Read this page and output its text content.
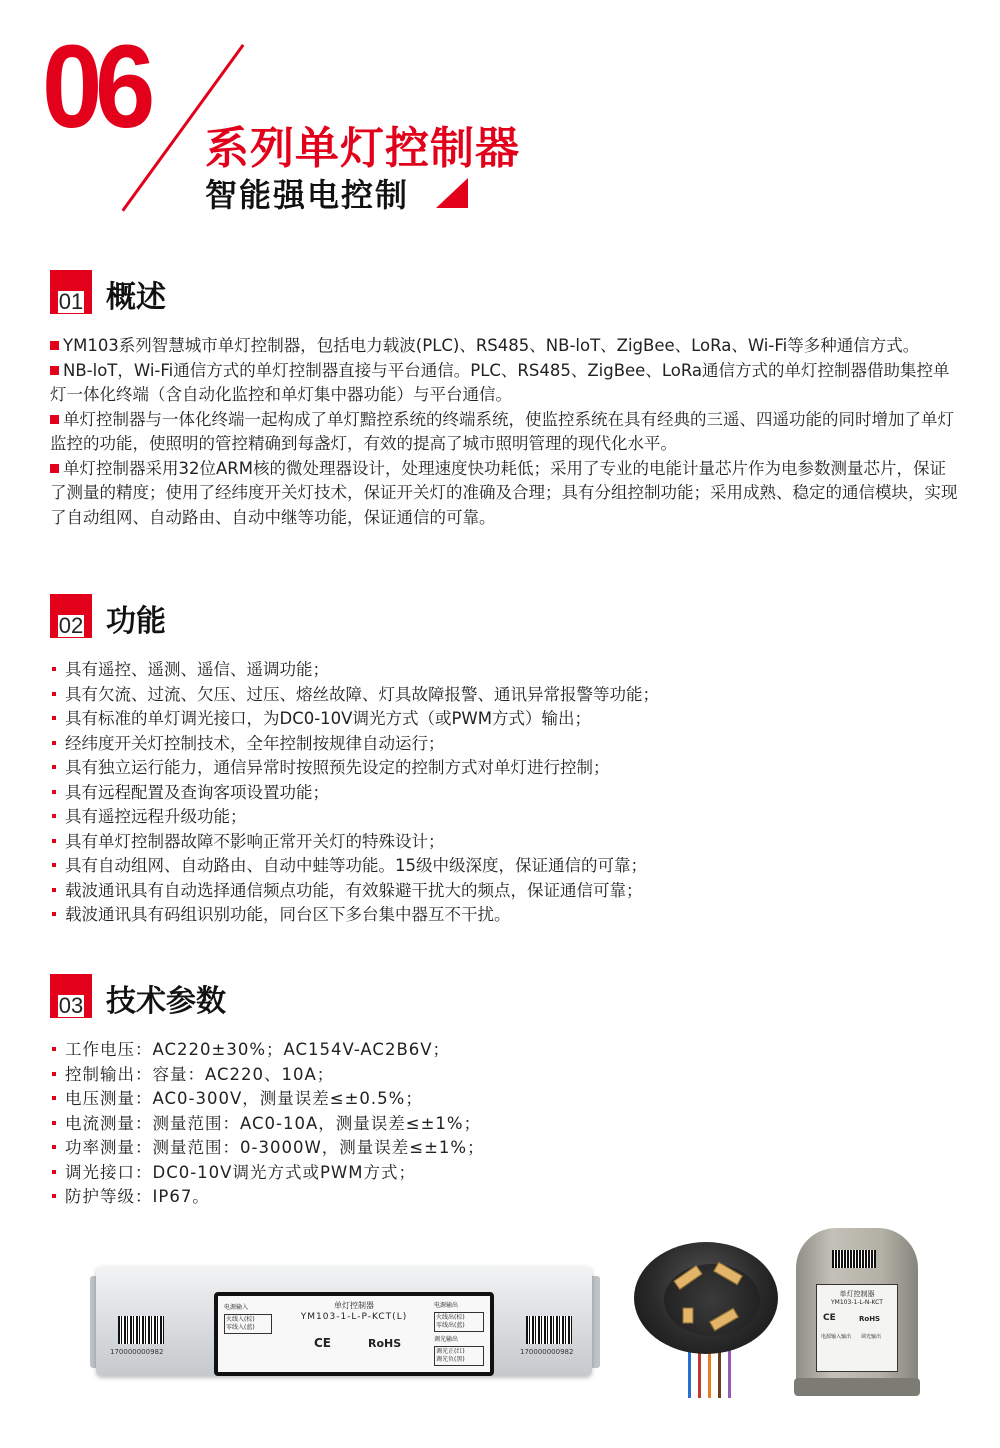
06 系列单灯控制器
智能强电控制
01 概述

YM103系列智慧城市单灯控制器，包括电力载波(PLC)、RS485、NB-loT、ZigBee、LoRa、Wi-Fi等多种通信方式。

NB-loT，Wi-Fi通信方式的单灯控制器直接与平台通信。PLC、RS485、ZigBee、LoRa通信方式的单灯控制器借助集控单灯一体化终端（含自动化监控和单灯集中器功能）与平台通信。

单灯控制器与一体化终端一起构成了单灯黯控系统的终端系统，使监控系统在具有经典的三遥、四遥功能的同时增加了单灯监控的功能，使照明的管控精确到每盏灯，有效的提高了城市照明管理的现代化水平。

单灯控制器采用32位ARM核的微处理器设计，处理速度快功耗低；采用了专业的电能计量芯片作为电参数测量芯片，保证了测量的精度；使用了经纬度开关灯技术，保证开关灯的准确及合理；具有分组控制功能；采用成熟、稳定的通信模块，实现了自动组网、自动路由、自动中继等功能，保证通信的可靠。

02 功能
具有遥控、遥测、遥信、遥调功能；
具有欠流、过流、欠压、过压、熔丝故障、灯具故障报警、通讯异常报警等功能；
具有标准的单灯调光接口，为DC0-10V调光方式（或PWM方式）输出；
经纬度开关灯控制技术，全年控制按规律自动运行；
具有独立运行能力，通信异常时按照预先设定的控制方式对单灯进行控制；
具有远程配置及查询客项设置功能；
具有遥控远程升级功能；
具有单灯控制器故障不影响正常开关灯的特殊设计；
具有自动组网、自动路由、自动中蛙等功能。15级中级深度，保证通信的可靠；
载波通讯具有自动选择通信频点功能，有效躲避干扰大的频点，保证通信可靠；
载波通讯具有码组识别功能，同台区下多台集中器互不干扰。
03 技术参数
工作电压：AC220±30%；AC154V-AC2B6V；
控制输出：容量：AC220、10A；
电压测量：AC0-300V，测量误差≤±0.5%；
电流测量：测量范围：AC0-10A，测量误差≤±1%；
功率测量：测量范围：0-3000W，测量误差≤±1%；
调光接口：DC0-10V调光方式或PWM方式；
防护等级：IP67。
170000000982	170000000982
单灯控制器
YM103-1-L-P-KCT(L)
CE	RoHS
电源输入
火线入(棕)
零线入(蓝)
电源输出
火线出(棕)
零线出(蓝)
调光输出
调光正(红)
调光负(黑)
单灯控制器
YM103-1-L-N-KCT
CE	RoHS
电源输入输出 调光输出
